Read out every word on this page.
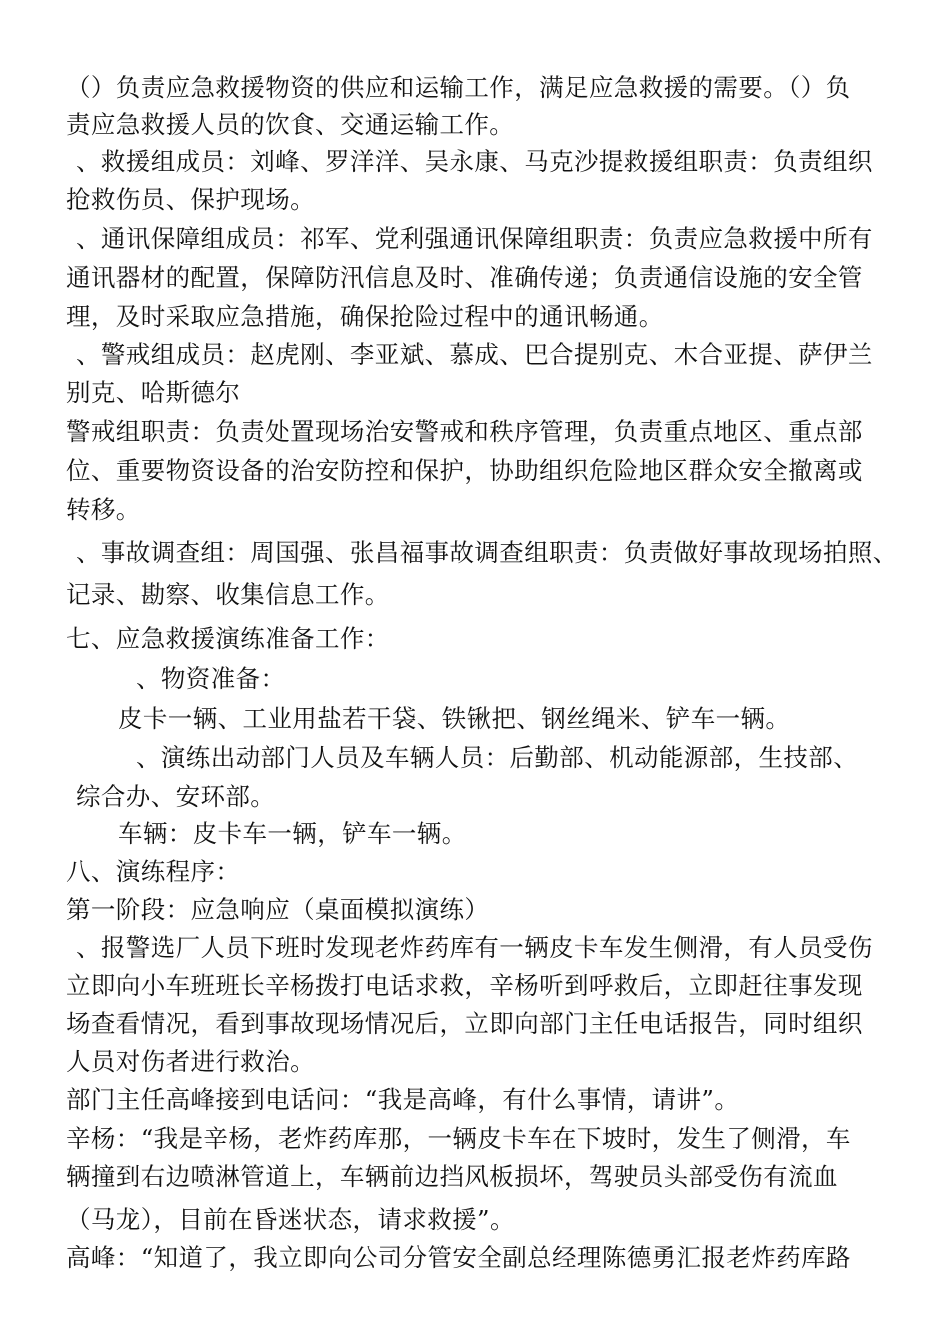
（）负责应急救援物资的供应和运输工作，满足应急救援的需要。（）负
责应急救援人员的饮食、交通运输工作。
、救援组成员：刘峰、罗洋洋、吴永康、马克沙提救援组职责：负责组织
抢救伤员、保护现场。
、通讯保障组成员：祁军、党利强通讯保障组职责：负责应急救援中所有
通讯器材的配置，保障防汛信息及时、准确传递；负责通信设施的安全管
理，及时采取应急措施，确保抢险过程中的通讯畅通。
、警戒组成员：赵虎刚、李亚斌、慕成、巴合提别克、木合亚提、萨伊兰
别克、哈斯德尔
警戒组职责：负责处置现场治安警戒和秩序管理，负责重点地区、重点部
位、重要物资设备的治安防控和保护，协助组织危险地区群众安全撤离或
转移。
、事故调查组：周国强、张昌福事故调查组职责：负责做好事故现场拍照、
记录、勘察、收集信息工作。
七、应急救援演练准备工作：
、物资准备：
皮卡一辆、工业用盐若干袋、铁锹把、钢丝绳米、铲车一辆。
、演练出动部门人员及车辆人员：后勤部、机动能源部，生技部、
综合办、安环部。
车辆：皮卡车一辆，铲车一辆。
八、演练程序：
第一阶段：应急响应（桌面模拟演练）
、报警选厂人员下班时发现老炸药库有一辆皮卡车发生侧滑，有人员受伤
立即向小车班班长辛杨拨打电话求救，辛杨听到呼救后，立即赶往事发现
场查看情况，看到事故现场情况后，立即向部门主任电话报告，同时组织
人员对伤者进行救治。
部门主任高峰接到电话问：“我是高峰，有什么事情，请讲”。
辛杨：“我是辛杨，老炸药库那，一辆皮卡车在下坡时，发生了侧滑，车
辆撞到右边喷淋管道上，车辆前边挡风板损坏，驾驶员头部受伤有流血
（马龙），目前在昏迷状态，请求救援”。
高峰：“知道了，我立即向公司分管安全副总经理陈德勇汇报老炸药库路
